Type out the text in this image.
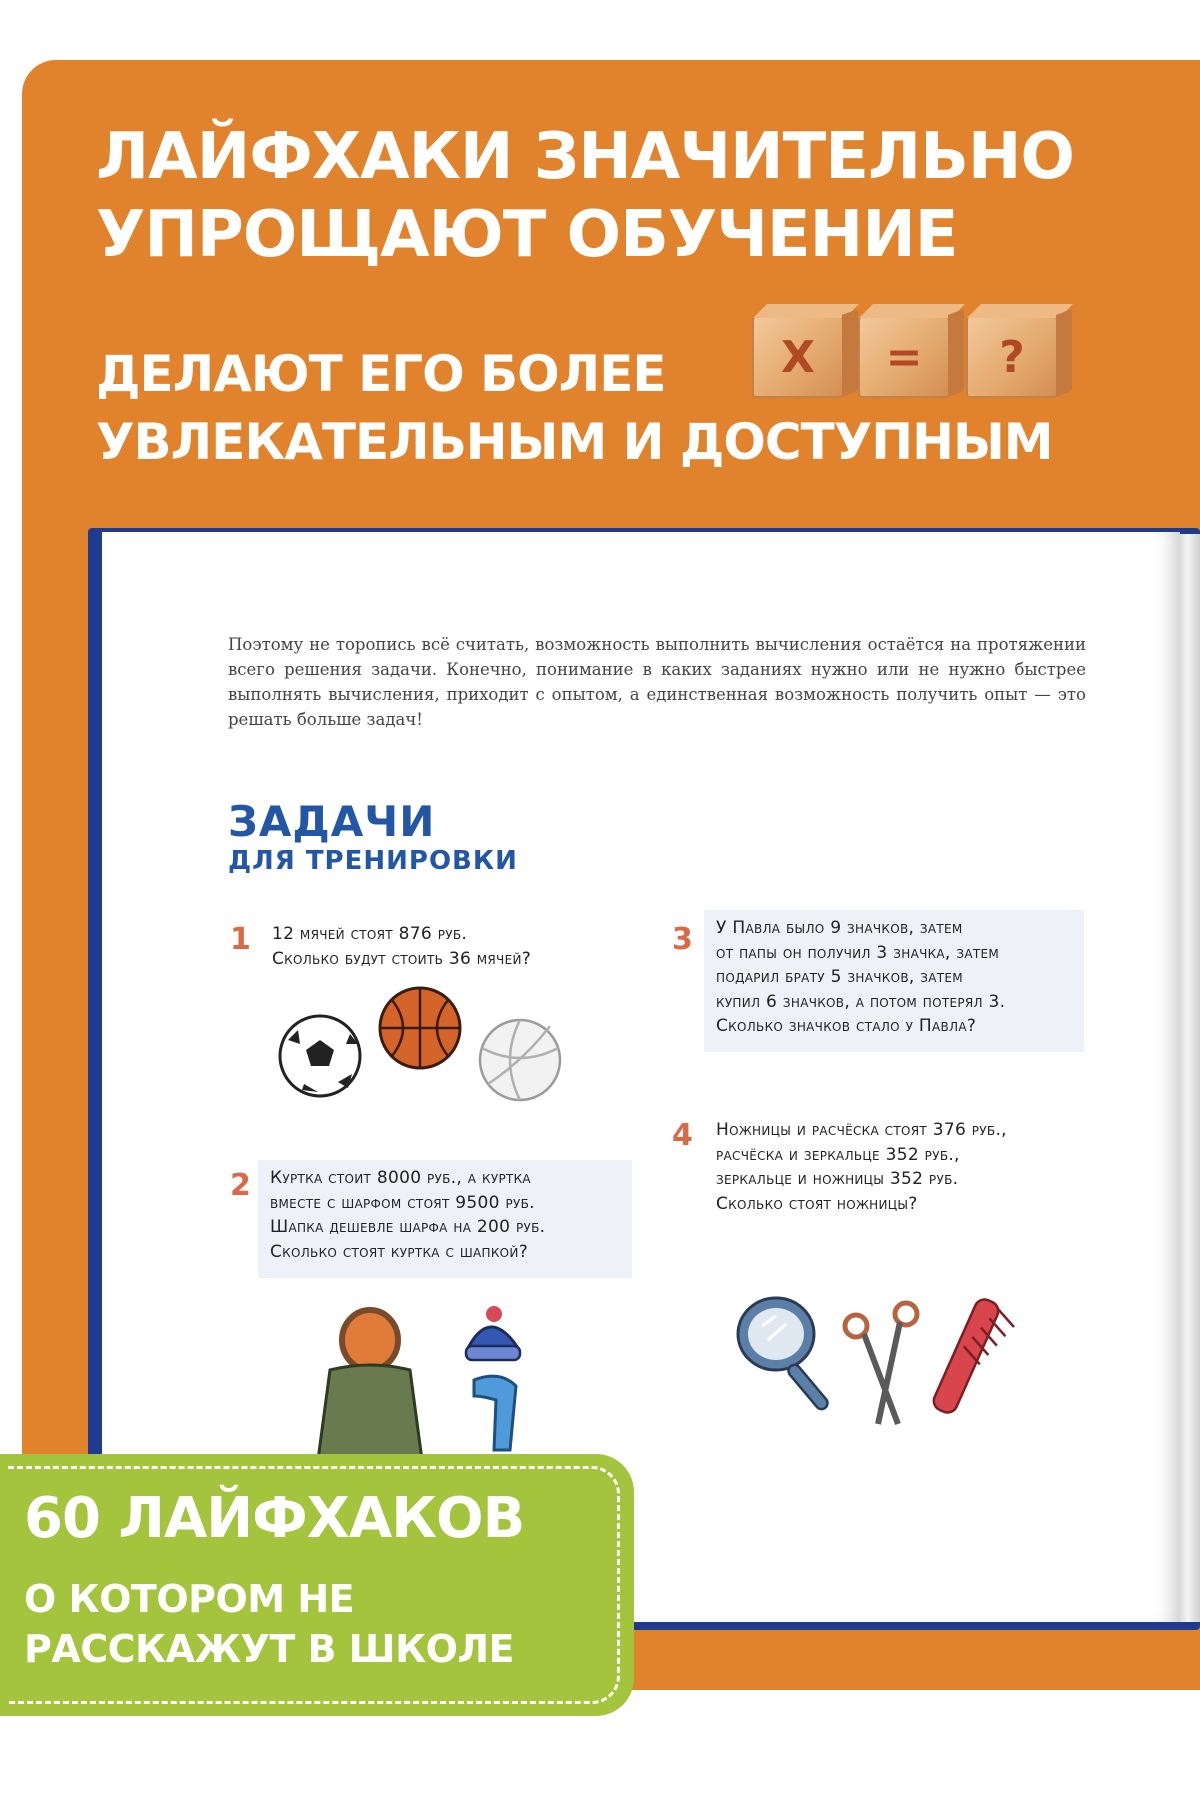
ЛАЙФХАКИ ЗНАЧИТЕЛЬНО
УПРОЩАЮТ ОБУЧЕНИЕ
ДЕЛАЮТ ЕГО БОЛЕЕ
УВЛЕКАТЕЛЬНЫМ И ДОСТУПНЫМ
X	=	?
Поэтому не торопись всё считать, возможность выполнить вычисления остаётся на протяжении всего решения задачи. Конечно, понимание в каких заданиях нужно или не нужно быстрее выполнять вычисления, приходит с опытом, а единственная возможность получить опыт — это решать больше задач!
ЗАДАЧИ
ДЛЯ ТРЕНИРОВКИ
1 12 мячей стоят 876 руб.
Сколько будут стоить 36 мячей?
3 У Павла было 9 значков, затем
от папы он получил 3 значка, затем
подарил брату 5 значков, затем
купил 6 значков, а потом потерял 3.
Сколько значков стало у Павла?
2 Куртка стоит 8000 руб., а куртка
вместе с шарфом стоят 9500 руб.
Шапка дешевле шарфа на 200 руб.
Сколько стоят куртка с шапкой?
4 Ножницы и расчёска стоят 376 руб.,
расчёска и зеркальце 352 руб.,
зеркальце и ножницы 352 руб.
Сколько стоят ножницы?
60 ЛАЙФХАКОВ
О КОТОРОМ НЕ
РАССКАЖУТ В ШКОЛЕ
